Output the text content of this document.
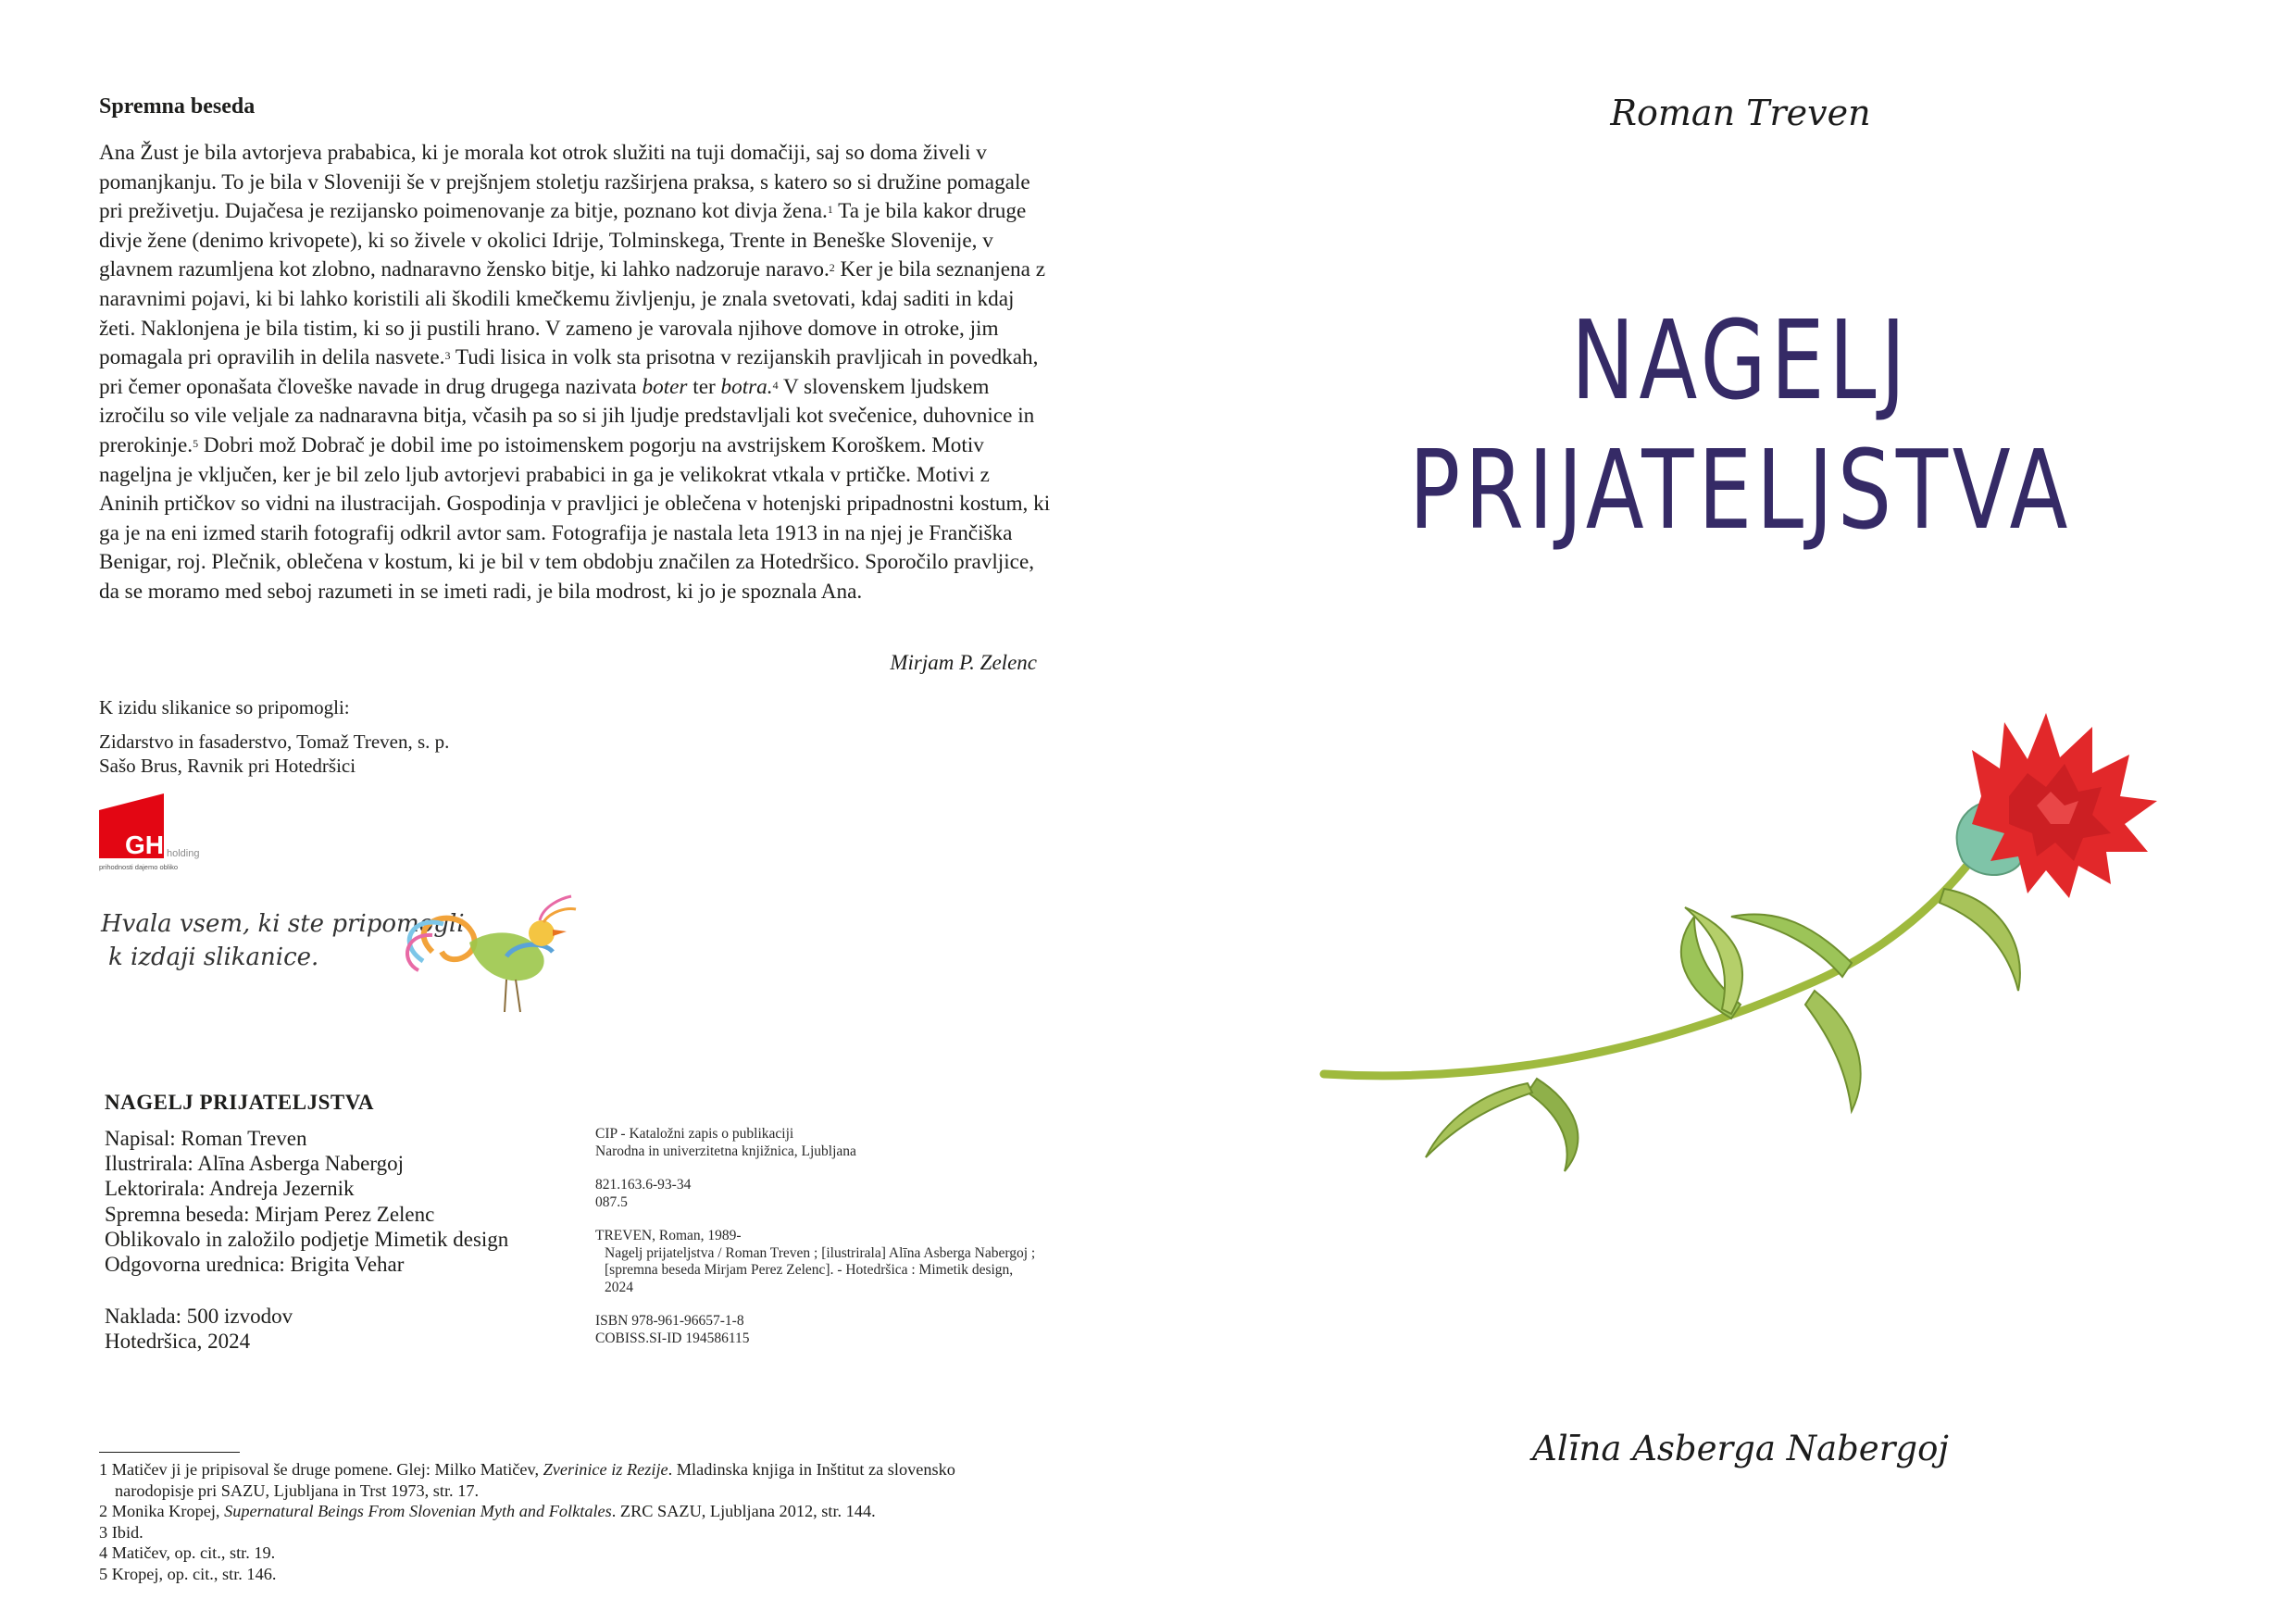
Spremna beseda

Ana Žust je bila avtorjeva prababica, ki je morala kot otrok služiti na tuji domačiji, saj so doma živeli v pomanjkanju. To je bila v Sloveniji še v prejšnjem stoletju razširjena praksa, s katero so si družine pomagale pri preživetju. Dujačesa je rezijansko poimenovanje za bitje, poznano kot divja žena.$^1$ Ta je bila kakor druge divje žene (denimo krivopete), ki so živele v okolici Idrije, Tolminskega, Trente in Beneške Slovenije, v glavnem razumljena kot zlobno, nadnaravno žensko bitje, ki lahko nadzoruje naravo.$^2$ Ker je bila seznanjena z naravnimi pojavi, ki bi lahko koristili ali škodili kmečkemu življenju, je znala svetovati, kdaj saditi in kdaj žeti. Naklonjena je bila tistim, ki so ji pustili hrano. V zameno je varovala njihove domove in otroke, jim pomagala pri opravilih in delila nasvete.$^3$ Tudi lisica in volk sta prisotna v rezijanskih pravljicah in povedkah, pri čemer oponašata človeške navade in drug drugega nazivata boter ter botra.$^4$ V slovenskem ljudskem izročilu so vile veljale za nadnaravna bitja, včasih pa so si jih ljudje predstavljali kot svečenice, duhovnice in prerokinje.$^5$ Dobri mož Dobrač je dobil ime po istoimenskem pogorju na avstrijskem Koroškem. Motiv nageljna je vključen, ker je bil zelo ljub avtorjevi prababici in ga je velikokrat vtkala v prtičke. Motivi z Aninih prtičkov so vidni na ilustracijah. Gospodinja v pravljici je oblečena v hotenjski pripadnostni kostum, ki ga je na eni izmed starih fotografij odkril avtor sam. Fotografija je nastala leta 1913 in na njej je Frančiška Benigar, roj. Plečnik, oblečena v kostum, ki je bil v tem obdobju značilen za Hotedršico. Sporočilo pravljice, da se moramo med seboj razumeti in se imeti radi, je bila modrost, ki jo je spoznala Ana.

Mirjam P. Zelenc
K izidu slikanice so pripomogli:
Zidarstvo in fasaderstvo, Tomaž Treven, s. p.
Sašo Brus, Ravnik pri Hotedršici
GH holding
prihodnosti dajemo obliko
Hvala vsem, ki ste pripomogli
k izdaji slikanice.
NAGELJ PRIJATELJSTVA
Napisal: Roman Treven
Ilustrirala: Alīna Asberga Nabergoj
Lektorirala: Andreja Jezernik
Spremna beseda: Mirjam Perez Zelenc
Oblikovalo in založilo podjetje Mimetik design
Odgovorna urednica: Brigita Vehar
Naklada: 500 izvodov
Hotedršica, 2024
CIP - Kataložni zapis o publikaciji
Narodna in univerzitetna knjižnica, Ljubljana
821.163.6-93-34
087.5
TREVEN, Roman, 1989-
Nagelj prijateljstva / Roman Treven ; [ilustrirala] Alīna Asberga Nabergoj ; [spremna beseda Mirjam Perez Zelenc]. - Hotedršica : Mimetik design, 2024
ISBN 978-961-96657-1-8
COBISS.SI-ID 194586115
1 Matičev ji je pripisoval še druge pomene. Glej: Milko Matičev, Zverinice iz Rezije. Mladinska knjiga in Inštitut za slovensko
narodopisje pri SAZU, Ljubljana in Trst 1973, str. 17.
2 Monika Kropej, Supernatural Beings From Slovenian Myth and Folktales. ZRC SAZU, Ljubljana 2012, str. 144.
3 Ibid.
4 Matičev, op. cit., str. 19.
5 Kropej, op. cit., str. 146.
Roman Treven
NAGELJ
PRIJATELJSTVA
Alīna Asberga Nabergoj
